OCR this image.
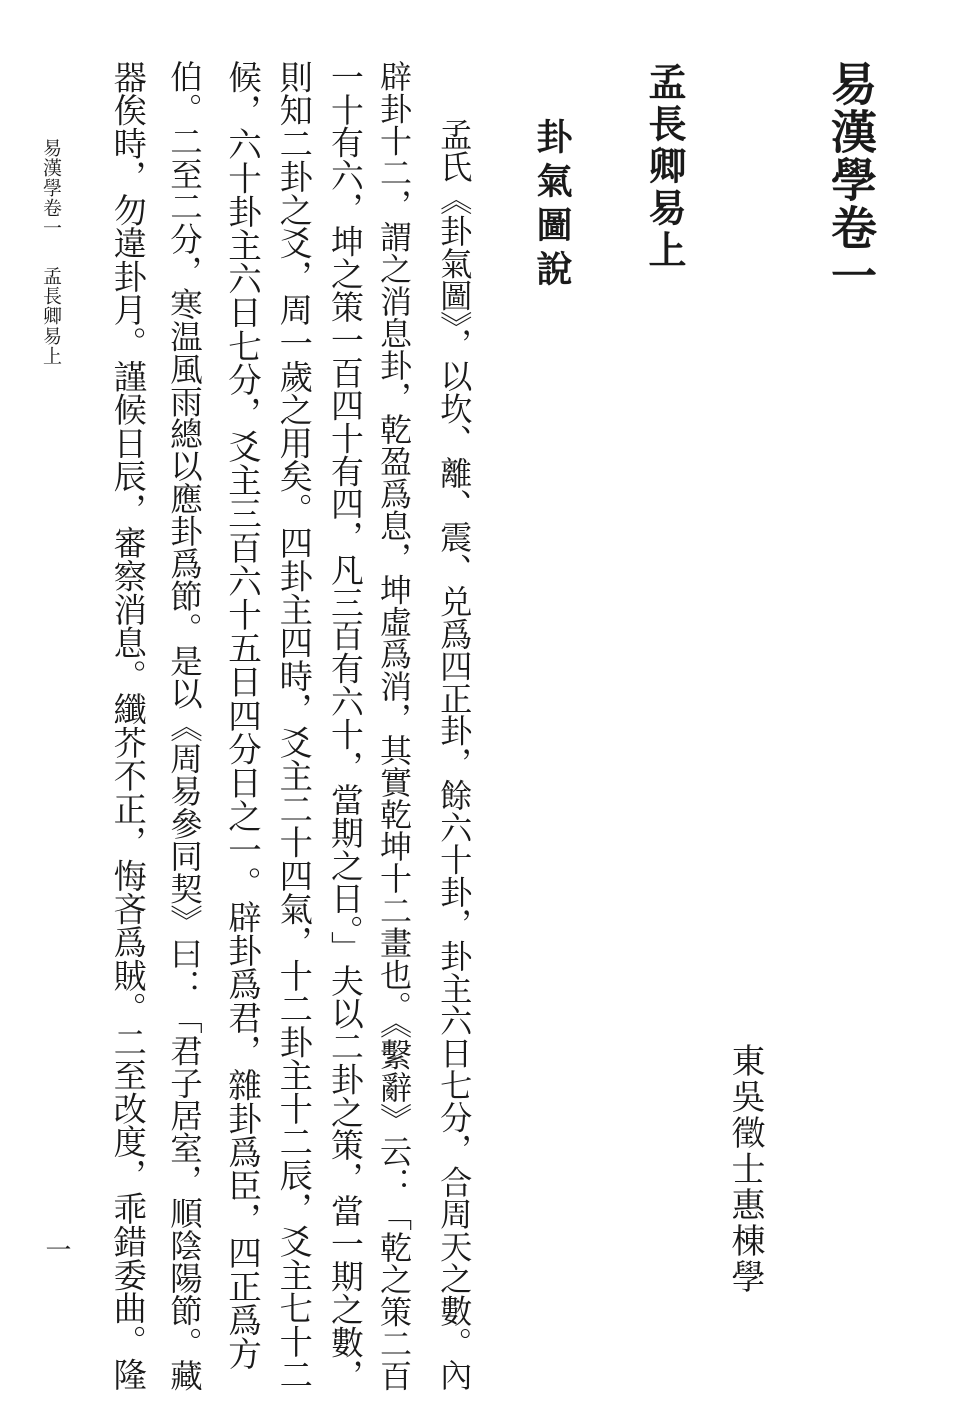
易漢學卷一
孟長卿易上
東吳徵士惠棟學
卦氣圖說
孟氏《卦氣圖》，以坎、離、震、兑爲四正卦，餘六十卦，卦主六日七分，合周天之數。內
辟卦十二，謂之消息卦，乾盈爲息，坤虛爲消，其實乾坤十二畫也。《繫辭》云：「乾之策二百
一十有六，坤之策一百四十有四，凡三百有六十，當期之日。」夫以二卦之策，當一期之數，
則知二卦之爻，周一歲之用矣。四卦主四時，爻主二十四氣，十二卦主十二辰，爻主七十二
候，六十卦主六日七分，爻主三百六十五日四分日之一。辟卦爲君，雜卦爲臣，四正爲方
伯。二至二分，寒温風雨總以應卦爲節。是以《周易參同契》曰：「君子居室，順陰陽節。藏
器俟時，勿違卦月。謹候日辰，審察消息。纖芥不正，悔吝爲賊。二至改度，乖錯委曲。隆
易漢學卷一孟長卿易上
一
